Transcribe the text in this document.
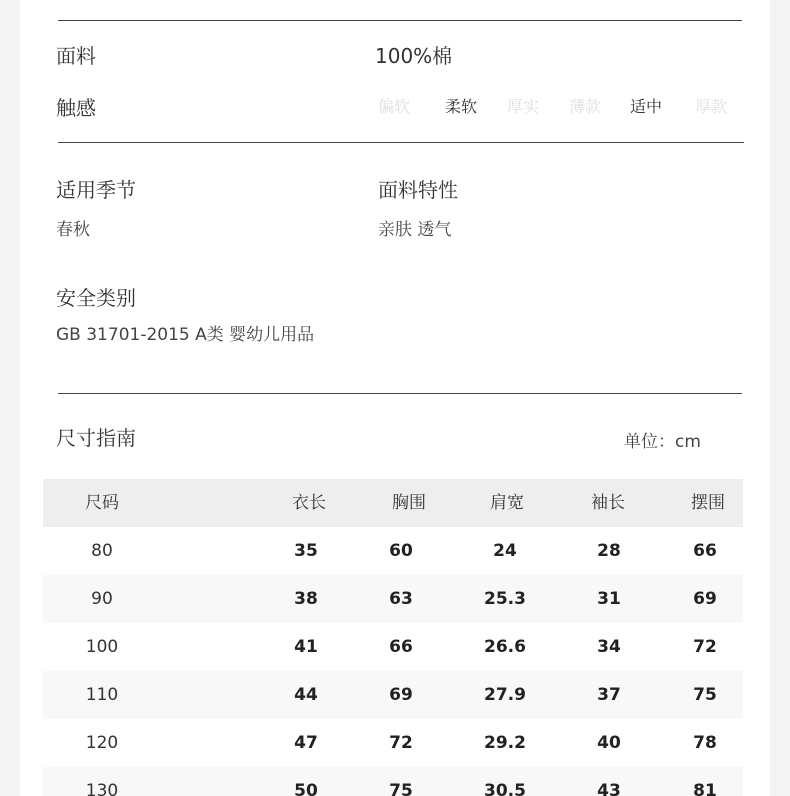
面料	100%棉
触感	偏软 柔软 厚实 薄款 适中 厚款
适用季节
春秋
面料特性
亲肤 透气
安全类别
GB 31701-2015 A类 婴幼儿用品
尺寸指南	单位：cm
尺码	衣长	胸围	肩宽	袖长	摆围
80	35	60	24	28	66
90	38	63	25.3	31	69
100	41	66	26.6	34	72
110	44	69	27.9	37	75
120	47	72	29.2	40	78
130	50	75	30.5	43	81
